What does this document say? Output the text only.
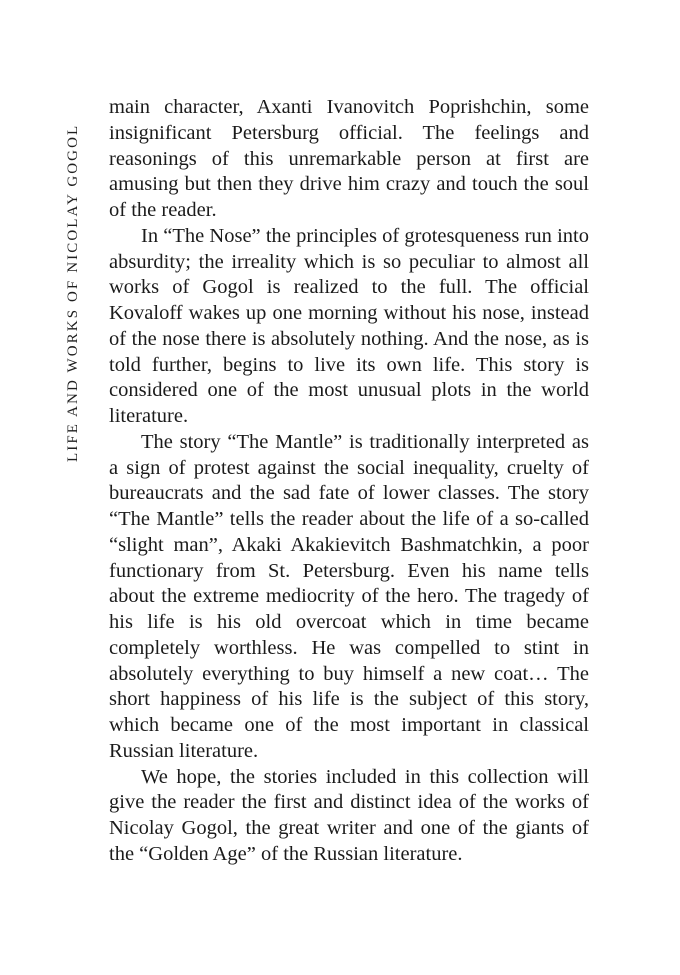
LIFE AND WORKS OF NICOLAY GOGOL

main character, Axanti Ivanovitch Poprishchin, some insignificant Petersburg official. The feelings and reasonings of this unremarkable person at first are amusing but then they drive him crazy and touch the soul of the reader.

In “The Nose” the principles of grotesqueness run into absurdity; the irreality which is so peculiar to almost all works of Gogol is realized to the full. The official Kovaloff wakes up one morning without his nose, instead of the nose there is absolutely nothing. And the nose, as is told further, begins to live its own life. This story is considered one of the most unusual plots in the world literature.

The story “The Mantle” is traditionally interpreted as a sign of protest against the social inequality, cruelty of bureaucrats and the sad fate of lower classes. The story “The Mantle” tells the reader about the life of a so-called “slight man”, Akaki Akakievitch Bashmatchkin, a poor functionary from St. Petersburg. Even his name tells about the extreme mediocrity of the hero. The tragedy of his life is his old overcoat which in time became completely worthless. He was compelled to stint in absolutely everything to buy himself a new coat… The short happiness of his life is the subject of this story, which became one of the most important in classical Russian literature.

We hope, the stories included in this collection will give the reader the first and distinct idea of the works of Nicolay Gogol, the great writer and one of the giants of the “Golden Age” of the Russian literature.
